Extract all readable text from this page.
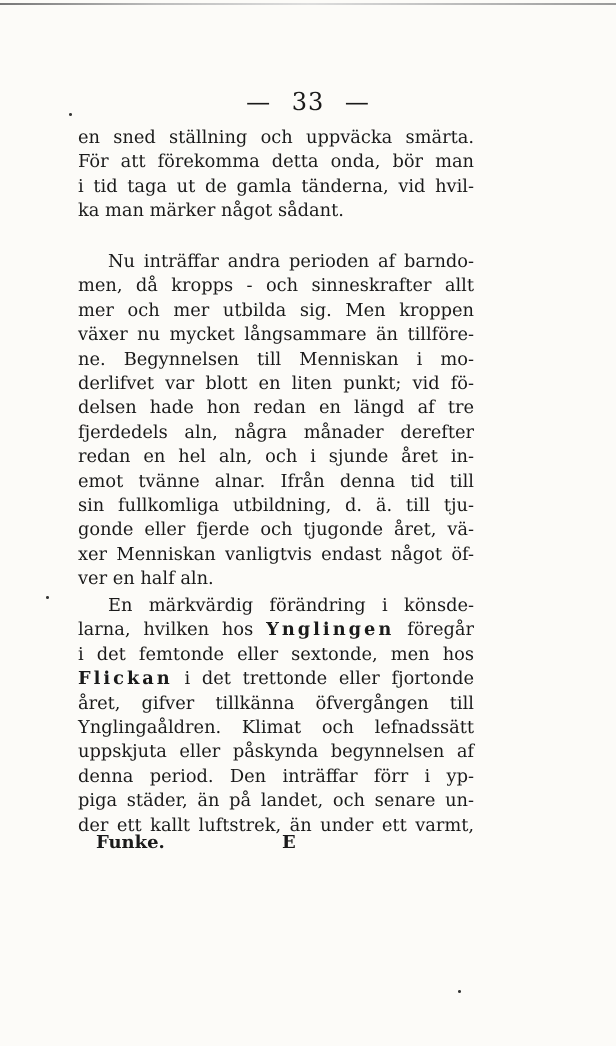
— 33 —
en sned ställning och uppväcka smärta.
För att förekomma detta onda, bör man
i tid taga ut de gamla tänderna, vid hvil-
ka man märker något sådant.
Nu inträffar andra perioden af barndo-
men, då kropps - och sinneskrafter allt
mer och mer utbilda sig. Men kroppen
växer nu mycket långsammare än tillföre-
ne. Begynnelsen till Menniskan i mo-
derlifvet var blott en liten punkt; vid fö-
delsen hade hon redan en längd af tre
fjerdedels aln, några månader derefter
redan en hel aln, och i sjunde året in-
emot tvänne alnar. Ifrån denna tid till
sin fullkomliga utbildning, d. ä. till tju-
gonde eller fjerde och tjugonde året, vä-
xer Menniskan vanligtvis endast något öf-
ver en half aln.
En märkvärdig förändring i könsde-
larna, hvilken hos Ynglingen föregår
i det femtonde eller sextonde, men hos
Flickan i det trettonde eller fjortonde
året, gifver tillkänna öfvergången till
Ynglingaåldren. Klimat och lefnadssätt
uppskjuta eller påskynda begynnelsen af
denna period. Den inträffar förr i yp-
piga städer, än på landet, och senare un-
der ett kallt luftstrek, än under ett varmt,
Funke.	E
